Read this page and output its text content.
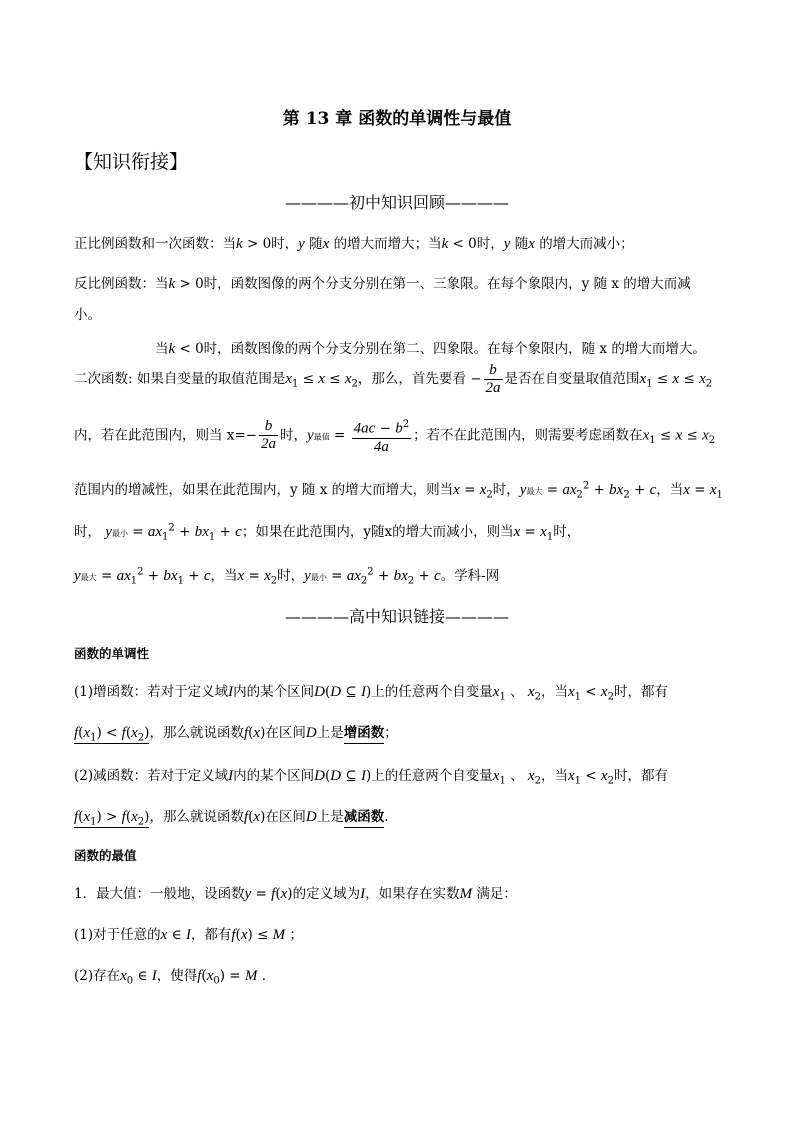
第 13 章 函数的单调性与最值
【知识衔接】
————初中知识回顾————
正比例函数和一次函数：当k > 0时，y 随x 的增大而增大；当k < 0时，y 随x 的增大而减小；
反比例函数：当k > 0时，函数图像的两个分支分别在第一、三象限。在每个象限内，y 随 x 的增大而减
小。
当k < 0时，函数图像的两个分支分别在第二、四象限。在每个象限内，随 x 的增大而增大。
二次函数: 如果自变量的取值范围是$x_1 \le x \le x_2$，那么，首先要看 − $\frac{b}{2a}$ 是否在自变量取值范围$x_1 \le x \le x_2$
内，若在此范围内，则当 $x=- \frac{b}{2a}$ 时，y最值 = $\frac{4ac - b^2}{4a}$ ；若不在此范围内，则需要考虑函数在$x_1 \le x \le x_2$
范围内的增减性，如果在此范围内，y 随 x 的增大而增大，则当$x = x_2$时，y最大 = $ax_2^2 + bx_2 + c$，当$x = x_1$
时， y最小 = $ax_1^2 + bx_1 + c$；如果在此范围内，y随x的增大而减小，则当$x = x_1$时，
y最大 = $ax_1^2 + bx_1 + c$，当$x = x_2$时，y最小 = $ax_2^2 + bx_2 + c$。学科-网
————高中知识链接————
函数的单调性
(1)增函数：若对于定义域I内的某个区间D(D ⊆ I)上的任意两个自变量$x_1$ 、 $x_2$，当$x_1 < x_2$时，都有
$f(x_1) < f(x_2)$，那么就说函数f(x)在区间D上是增函数；
(2)减函数：若对于定义域I内的某个区间D(D ⊆ I)上的任意两个自变量$x_1$ 、 $x_2$，当$x_1 < x_2$时，都有
$f(x_1) > f(x_2)$，那么就说函数f(x)在区间D上是减函数.
函数的最值
1．最大值：一般地，设函数y = f(x)的定义域为I，如果存在实数M 满足：
(1)对于任意的x ∈ I，都有f(x) ≤ M ；
(2)存在$x_0$ ∈ I，使得$f(x_0) = M$ .
